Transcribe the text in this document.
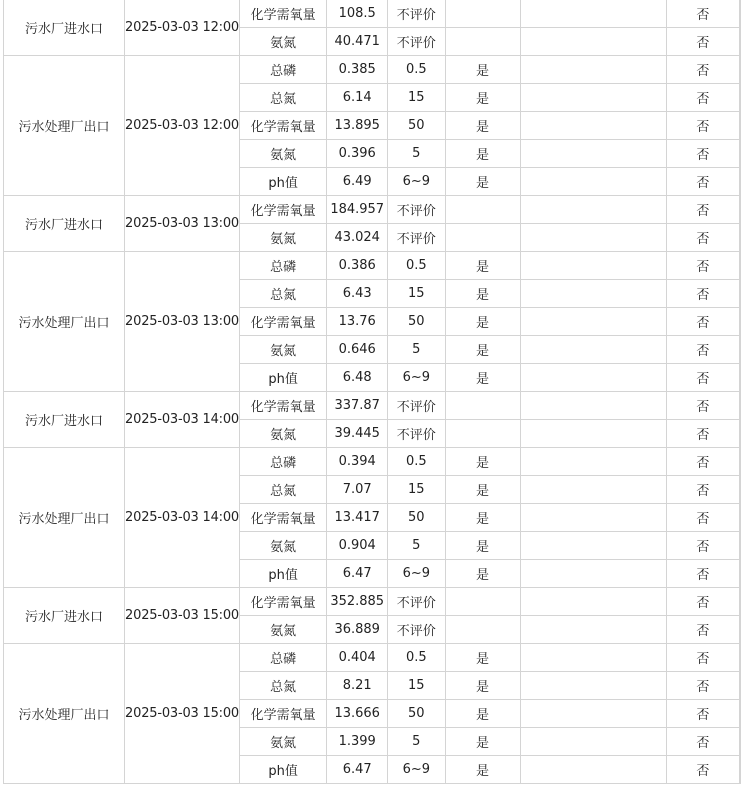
污水厂进水口	2025-03-03 12:00	化学需氧量	108.5	不评价			否	
		氨氮	40.471	不评价			否	
污水处理厂出口	2025-03-03 12:00	总磷	0.385	0.5	是		否	
		总氮	6.14	15	是		否	
		化学需氧量	13.895	50	是		否	
		氨氮	0.396	5	是		否	
		ph值	6.49	6~9	是		否	
污水厂进水口	2025-03-03 13:00	化学需氧量	184.957	不评价			否	
		氨氮	43.024	不评价			否	
污水处理厂出口	2025-03-03 13:00	总磷	0.386	0.5	是		否	
		总氮	6.43	15	是		否	
		化学需氧量	13.76	50	是		否	
		氨氮	0.646	5	是		否	
		ph值	6.48	6~9	是		否	
污水厂进水口	2025-03-03 14:00	化学需氧量	337.87	不评价			否	
		氨氮	39.445	不评价			否	
污水处理厂出口	2025-03-03 14:00	总磷	0.394	0.5	是		否	
		总氮	7.07	15	是		否	
		化学需氧量	13.417	50	是		否	
		氨氮	0.904	5	是		否	
		ph值	6.47	6~9	是		否	
污水厂进水口	2025-03-03 15:00	化学需氧量	352.885	不评价			否	
		氨氮	36.889	不评价			否	
污水处理厂出口	2025-03-03 15:00	总磷	0.404	0.5	是		否	
		总氮	8.21	15	是		否	
		化学需氧量	13.666	50	是		否	
		氨氮	1.399	5	是		否	
		ph值	6.47	6~9	是		否	
